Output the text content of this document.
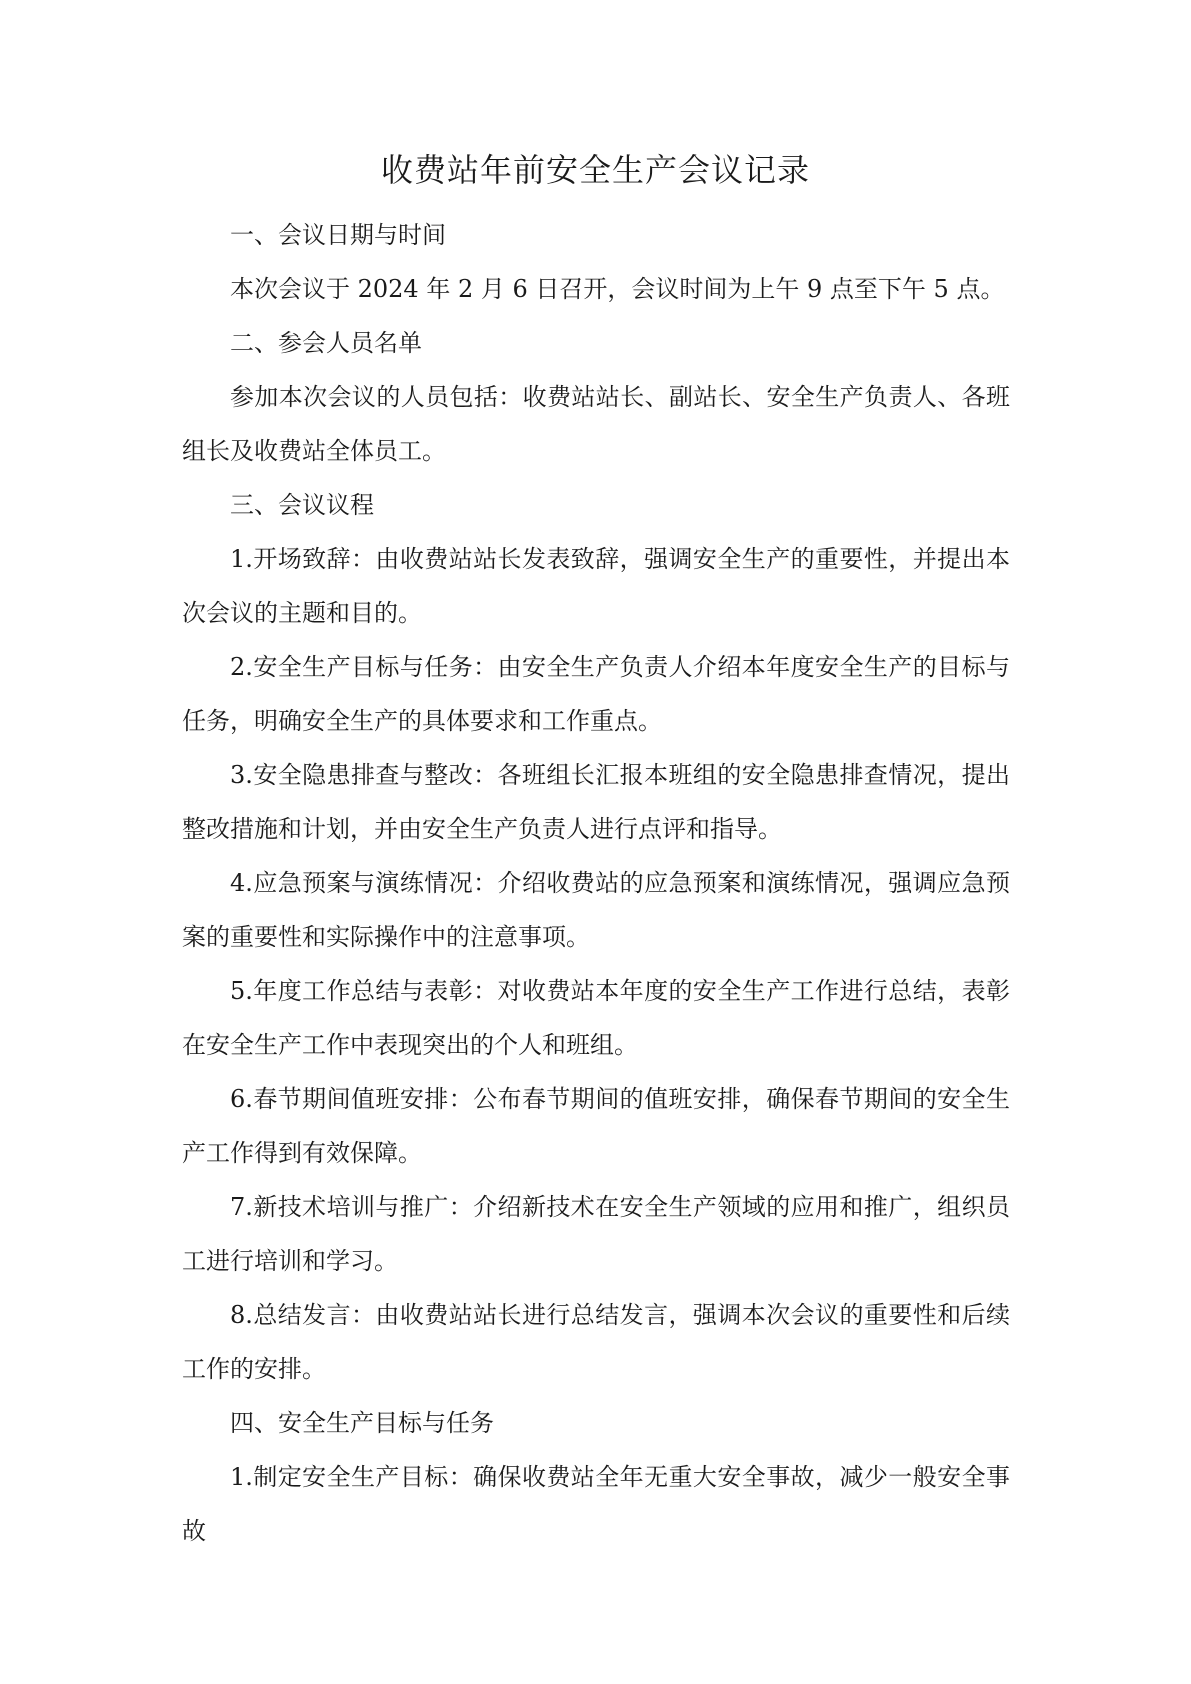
收费站年前安全生产会议记录

一、会议日期与时间

本次会议于 2024 年 2 月 6 日召开，会议时间为上午 9 点至下午 5 点。

二、参会人员名单

参加本次会议的人员包括：收费站站长、副站长、安全生产负责人、各班组长及收费站全体员工。

三、会议议程

1.开场致辞：由收费站站长发表致辞，强调安全生产的重要性，并提出本次会议的主题和目的。

2.安全生产目标与任务：由安全生产负责人介绍本年度安全生产的目标与任务，明确安全生产的具体要求和工作重点。

3.安全隐患排查与整改：各班组长汇报本班组的安全隐患排查情况，提出整改措施和计划，并由安全生产负责人进行点评和指导。

4.应急预案与演练情况：介绍收费站的应急预案和演练情况，强调应急预案的重要性和实际操作中的注意事项。

5.年度工作总结与表彰：对收费站本年度的安全生产工作进行总结，表彰在安全生产工作中表现突出的个人和班组。

6.春节期间值班安排：公布春节期间的值班安排，确保春节期间的安全生产工作得到有效保障。

7.新技术培训与推广：介绍新技术在安全生产领域的应用和推广，组织员工进行培训和学习。

8.总结发言：由收费站站长进行总结发言，强调本次会议的重要性和后续工作的安排。

四、安全生产目标与任务

1.制定安全生产目标：确保收费站全年无重大安全事故，减少一般安全事故
